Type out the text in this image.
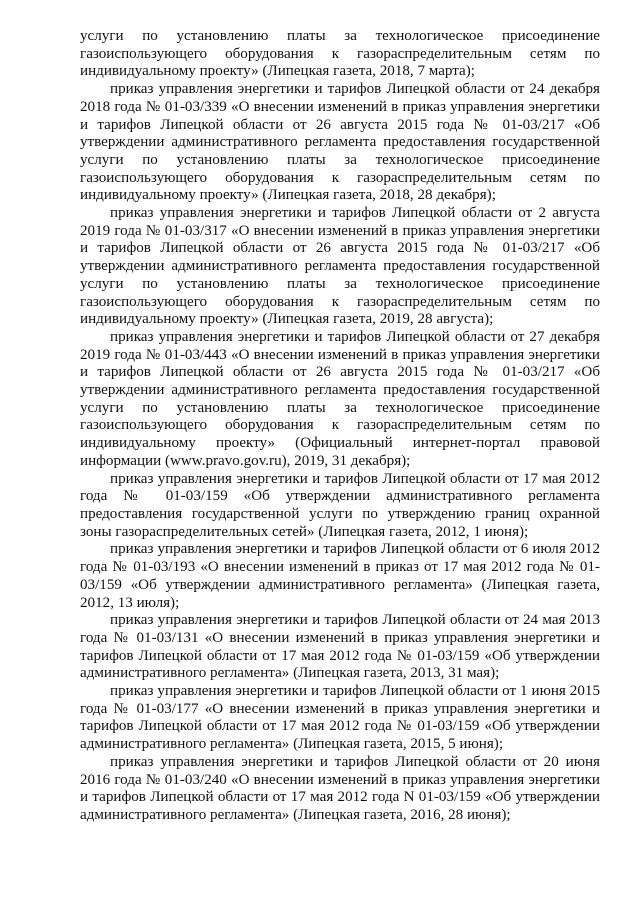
услуги по установлению платы за технологическое присоединение газоиспользующего оборудования к газораспределительным сетям по индивидуальному проекту» (Липецкая газета, 2018, 7 марта);

приказ управления энергетики и тарифов Липецкой области от 24 декабря 2018 года № 01-03/339 «О внесении изменений в приказ управления энергетики и тарифов Липецкой области от 26 августа 2015 года № 01-03/217 «Об утверждении административного регламента предоставления государственной услуги по установлению платы за технологическое присоединение газоиспользующего оборудования к газораспределительным сетям по индивидуальному проекту» (Липецкая газета, 2018, 28 декабря);

приказ управления энергетики и тарифов Липецкой области от 2 августа 2019 года № 01-03/317 «О внесении изменений в приказ управления энергетики и тарифов Липецкой области от 26 августа 2015 года № 01-03/217 «Об утверждении административного регламента предоставления государственной услуги по установлению платы за технологическое присоединение газоиспользующего оборудования к газораспределительным сетям по индивидуальному проекту» (Липецкая газета, 2019, 28 августа);

приказ управления энергетики и тарифов Липецкой области от 27 декабря 2019 года № 01-03/443 «О внесении изменений в приказ управления энергетики и тарифов Липецкой области от 26 августа 2015 года № 01-03/217 «Об утверждении административного регламента предоставления государственной услуги по установлению платы за технологическое присоединение газоиспользующего оборудования к газораспределительным сетям по индивидуальному проекту» (Официальный интернет-портал правовой информации (www.pravo.gov.ru), 2019, 31 декабря);

приказ управления энергетики и тарифов Липецкой области от 17 мая 2012 года № 01-03/159 «Об утверждении административного регламента предоставления государственной услуги по утверждению границ охранной зоны газораспределительных сетей» (Липецкая газета, 2012, 1 июня);

приказ управления энергетики и тарифов Липецкой области от 6 июля 2012 года № 01-03/193 «О внесении изменений в приказ от 17 мая 2012 года № 01-03/159 «Об утверждении административного регламента» (Липецкая газета, 2012, 13 июля);

приказ управления энергетики и тарифов Липецкой области от 24 мая 2013 года № 01-03/131 «О внесении изменений в приказ управления энергетики и тарифов Липецкой области от 17 мая 2012 года № 01-03/159 «Об утверждении административного регламента» (Липецкая газета, 2013, 31 мая);

приказ управления энергетики и тарифов Липецкой области от 1 июня 2015 года № 01-03/177 «О внесении изменений в приказ управления энергетики и тарифов Липецкой области от 17 мая 2012 года № 01-03/159 «Об утверждении административного регламента» (Липецкая газета, 2015, 5 июня);

приказ управления энергетики и тарифов Липецкой области от 20 июня 2016 года № 01-03/240 «О внесении изменений в приказ управления энергетики и тарифов Липецкой области от 17 мая 2012 года N 01-03/159 «Об утверждении административного регламента» (Липецкая газета, 2016, 28 июня);
